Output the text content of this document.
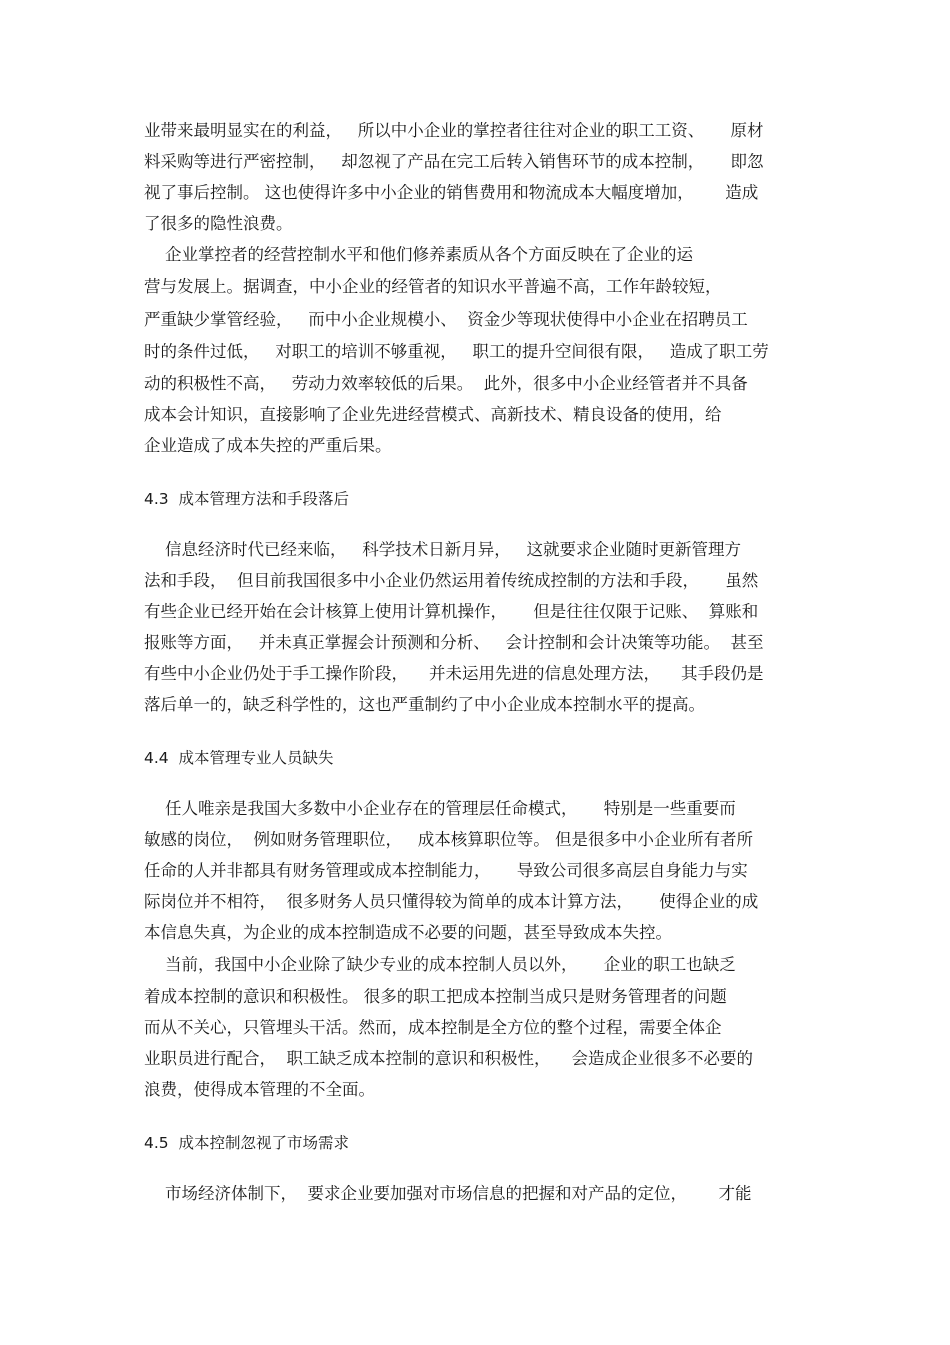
业带来最明显实在的利益，   所以中小企业的掌控者往往对企业的职工工资、     原材

料采购等进行严密控制，   却忽视了产品在完工后转入销售环节的成本控制，     即忽

视了事后控制。 这也使得许多中小企业的销售费用和物流成本大幅度增加，      造成

了很多的隐性浪费。

企业掌控者的经营控制水平和他们修养素质从各个方面反映在了企业的运

营与发展上。据调查，中小企业的经管者的知识水平普遍不高，工作年龄较短，

严重缺少掌管经验，   而中小企业规模小、  资金少等现状使得中小企业在招聘员工

时的条件过低，   对职工的培训不够重视，   职工的提升空间很有限，   造成了职工劳

动的积极性不高，   劳动力效率较低的后果。  此外，很多中小企业经管者并不具备

成本会计知识，直接影响了企业先进经营模式、高新技术、精良设备的使用，给

企业造成了成本失控的严重后果。

4.3  成本管理方法和手段落后

信息经济时代已经来临，   科学技术日新月异，   这就要求企业随时更新管理方

法和手段，  但目前我国很多中小企业仍然运用着传统成控制的方法和手段，     虽然

有些企业已经开始在会计核算上使用计算机操作，     但是往往仅限于记账、  算账和

报账等方面，   并未真正掌握会计预测和分析、   会计控制和会计决策等功能。  甚至

有些中小企业仍处于手工操作阶段，    并未运用先进的信息处理方法，    其手段仍是

落后单一的，缺乏科学性的，这也严重制约了中小企业成本控制水平的提高。

4.4  成本管理专业人员缺失

任人唯亲是我国大多数中小企业存在的管理层任命模式，     特别是一些重要而

敏感的岗位，  例如财务管理职位，   成本核算职位等。 但是很多中小企业所有者所

任命的人并非都具有财务管理或成本控制能力，     导致公司很多高层自身能力与实

际岗位并不相符，  很多财务人员只懂得较为简单的成本计算方法，     使得企业的成

本信息失真，为企业的成本控制造成不必要的问题，甚至导致成本失控。

当前，我国中小企业除了缺少专业的成本控制人员以外，     企业的职工也缺乏

着成本控制的意识和积极性。 很多的职工把成本控制当成只是财务管理者的问题

而从不关心，只管埋头干活。然而，成本控制是全方位的整个过程，需要全体企

业职员进行配合，  职工缺乏成本控制的意识和积极性，    会造成企业很多不必要的

浪费，使得成本管理的不全面。

4.5  成本控制忽视了市场需求

市场经济体制下，  要求企业要加强对市场信息的把握和对产品的定位，      才能
